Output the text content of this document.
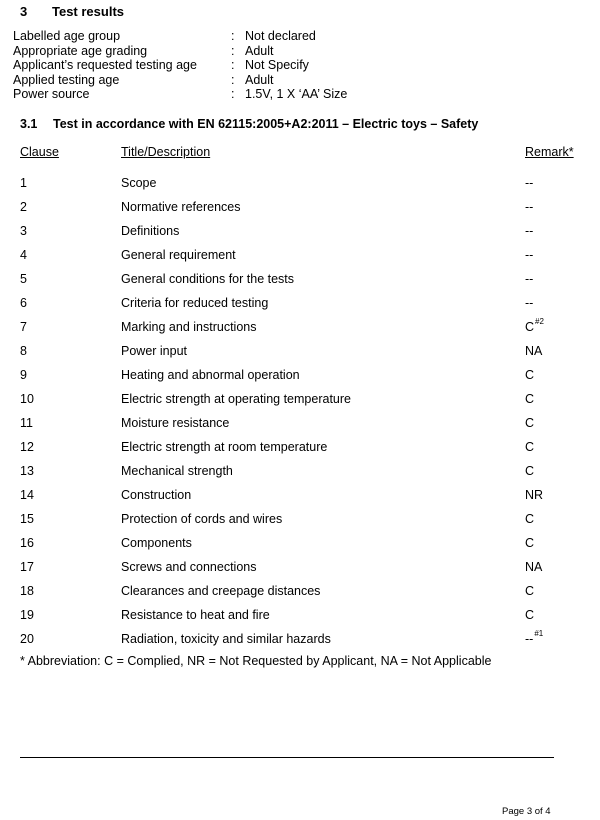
3 Test results
Labelled age group	: Not declared
Appropriate age grading	: Adult
Applicant’s requested testing age	: Not Specify
Applied testing age	: Adult
Power source	: 1.5V, 1 X ‘AA’ Size
3.1 Test in accordance with EN 62115:2005+A2:2011 – Electric toys – Safety
Clause	Title/Description	Remark*
1	Scope	--
2	Normative references	--
3	Definitions	--
4	General requirement	--
5	General conditions for the tests	--
6	Criteria for reduced testing	--
7	Marking and instructions	$C^{\#2}$
8	Power input	NA
9	Heating and abnormal operation	C
10	Electric strength at operating temperature	C
11	Moisture resistance	C
12	Electric strength at room temperature	C
13	Mechanical strength	C
14	Construction	NR
15	Protection of cords and wires	C
16	Components	C
17	Screws and connections	NA
18	Clearances and creepage distances	C
19	Resistance to heat and fire	C
20	Radiation, toxicity and similar hazards	--$^{\#1}$
* Abbreviation: C = Complied, NR = Not Requested by Applicant, NA = Not Applicable
Page 3 of 4
